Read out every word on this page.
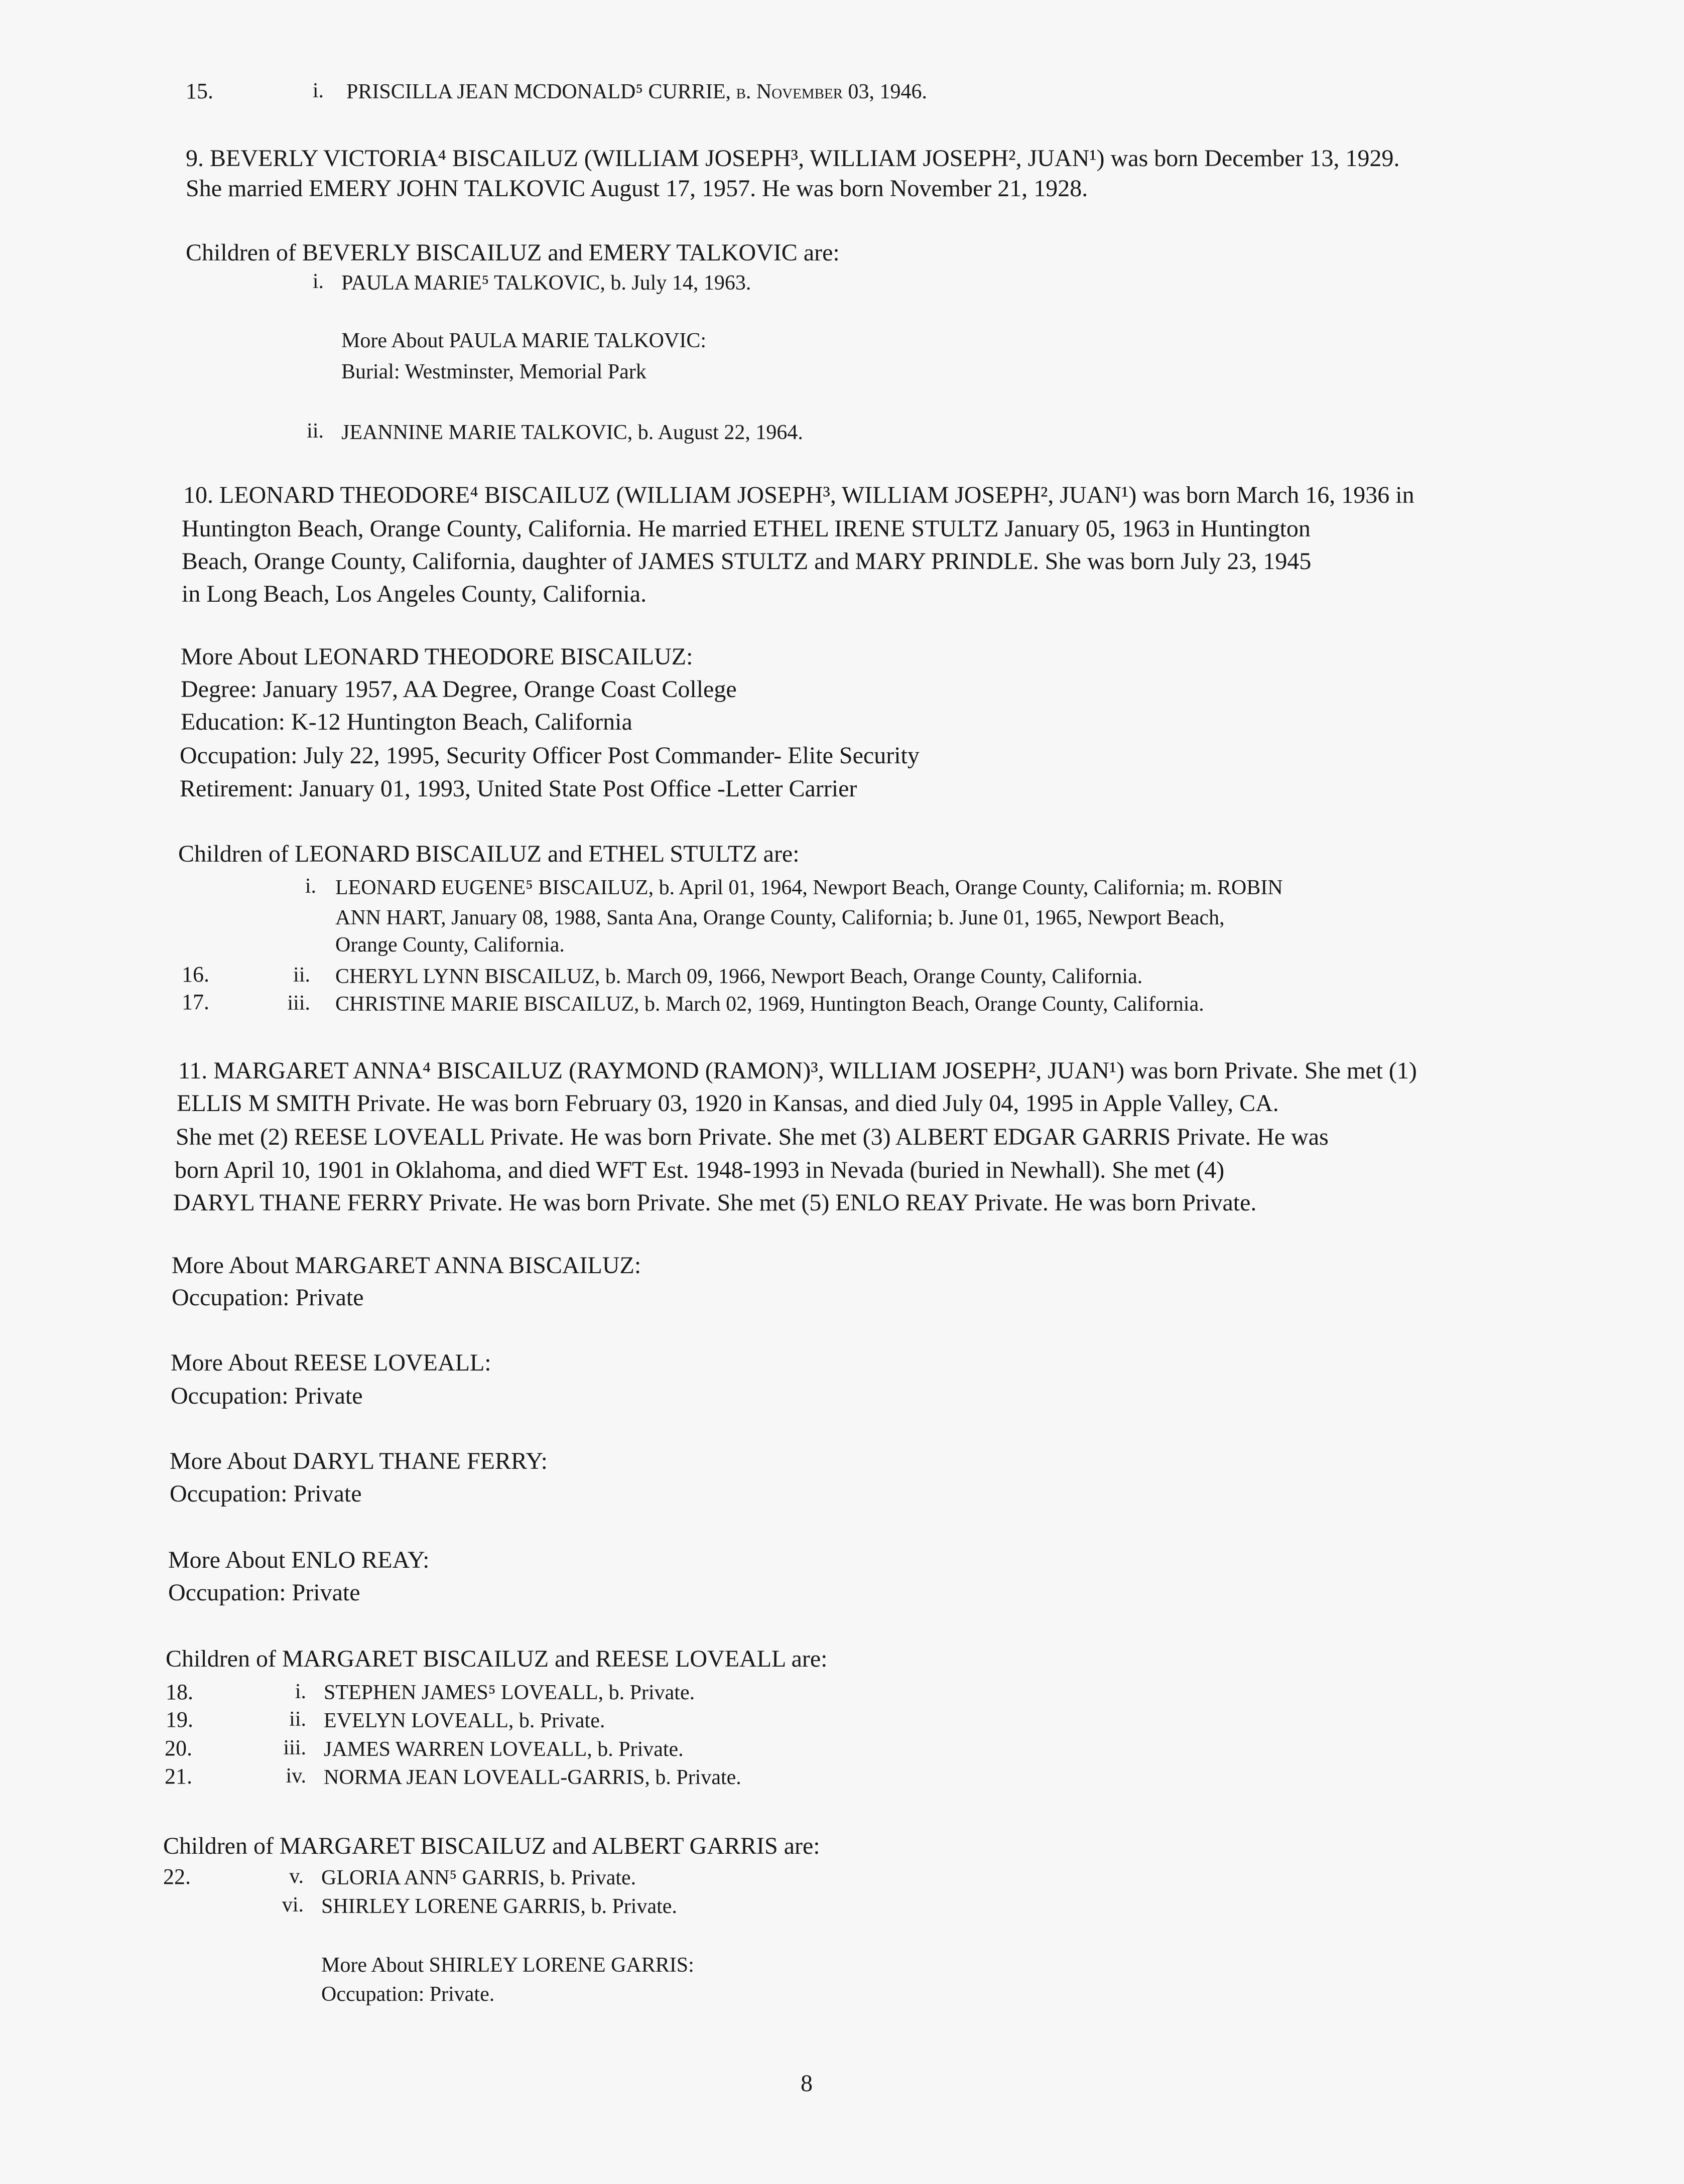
15.	i. PRISCILLA JEAN MCDONALD⁵ CURRIE, b. November 03, 1946.
9. BEVERLY VICTORIA⁴ BISCAILUZ (WILLIAM JOSEPH³, WILLIAM JOSEPH², JUAN¹) was born December 13, 1929.
She married EMERY JOHN TALKOVIC August 17, 1957. He was born November 21, 1928.
Children of BEVERLY BISCAILUZ and EMERY TALKOVIC are:
i. PAULA MARIE⁵ TALKOVIC, b. July 14, 1963.
More About PAULA MARIE TALKOVIC:
Burial: Westminster, Memorial Park
ii. JEANNINE MARIE TALKOVIC, b. August 22, 1964.
10. LEONARD THEODORE⁴ BISCAILUZ (WILLIAM JOSEPH³, WILLIAM JOSEPH², JUAN¹) was born March 16, 1936 in
Huntington Beach, Orange County, California. He married ETHEL IRENE STULTZ January 05, 1963 in Huntington
Beach, Orange County, California, daughter of JAMES STULTZ and MARY PRINDLE. She was born July 23, 1945
in Long Beach, Los Angeles County, California.
More About LEONARD THEODORE BISCAILUZ:
Degree: January 1957, AA Degree, Orange Coast College
Education: K-12 Huntington Beach, California
Occupation: July 22, 1995, Security Officer Post Commander- Elite Security
Retirement: January 01, 1993, United State Post Office -Letter Carrier
Children of LEONARD BISCAILUZ and ETHEL STULTZ are:
i. LEONARD EUGENE⁵ BISCAILUZ, b. April 01, 1964, Newport Beach, Orange County, California; m. ROBIN
ANN HART, January 08, 1988, Santa Ana, Orange County, California; b. June 01, 1965, Newport Beach,
Orange County, California.
16.	ii. CHERYL LYNN BISCAILUZ, b. March 09, 1966, Newport Beach, Orange County, California.
17.	iii. CHRISTINE MARIE BISCAILUZ, b. March 02, 1969, Huntington Beach, Orange County, California.
11. MARGARET ANNA⁴ BISCAILUZ (RAYMOND (RAMON)³, WILLIAM JOSEPH², JUAN¹) was born Private. She met (1)
ELLIS M SMITH Private. He was born February 03, 1920 in Kansas, and died July 04, 1995 in Apple Valley, CA.
She met (2) REESE LOVEALL Private. He was born Private. She met (3) ALBERT EDGAR GARRIS Private. He was
born April 10, 1901 in Oklahoma, and died WFT Est. 1948-1993 in Nevada (buried in Newhall). She met (4)
DARYL THANE FERRY Private. He was born Private. She met (5) ENLO REAY Private. He was born Private.
More About MARGARET ANNA BISCAILUZ:
Occupation: Private
More About REESE LOVEALL:
Occupation: Private
More About DARYL THANE FERRY:
Occupation: Private
More About ENLO REAY:
Occupation: Private
Children of MARGARET BISCAILUZ and REESE LOVEALL are:
18.	i. STEPHEN JAMES⁵ LOVEALL, b. Private.
19.	ii. EVELYN LOVEALL, b. Private.
20.	iii. JAMES WARREN LOVEALL, b. Private.
21.	iv. NORMA JEAN LOVEALL-GARRIS, b. Private.
Children of MARGARET BISCAILUZ and ALBERT GARRIS are:
22.	v. GLORIA ANN⁵ GARRIS, b. Private.
vi. SHIRLEY LORENE GARRIS, b. Private.
More About SHIRLEY LORENE GARRIS:
Occupation: Private.
8
